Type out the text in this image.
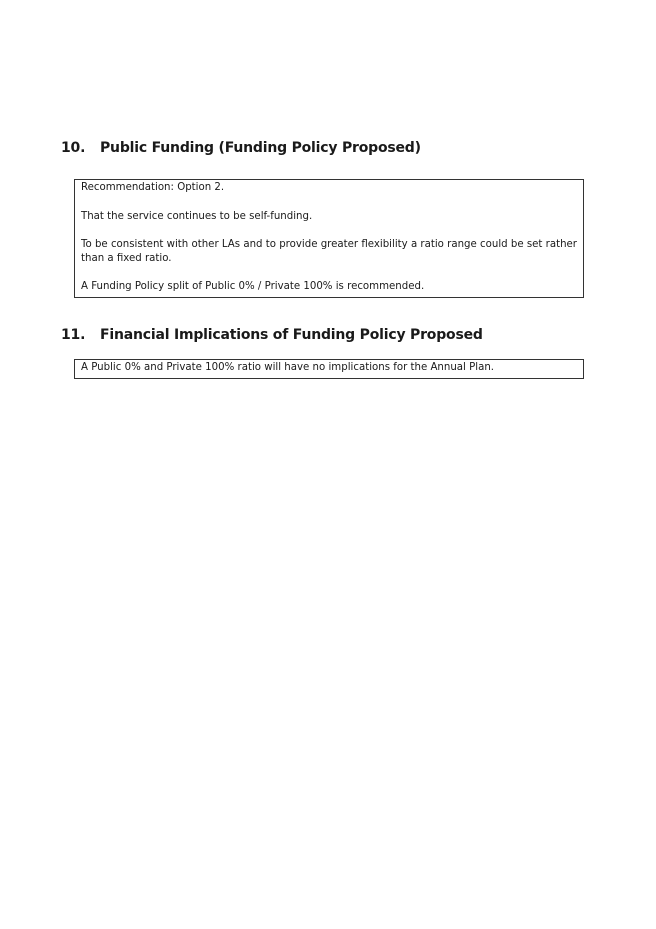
10. Public Funding (Funding Policy Proposed)

Recommendation: Option 2.

That the service continues to be self-funding.

To be consistent with other LAs and to provide greater flexibility a ratio range could be set rather than a fixed ratio.

A Funding Policy split of Public 0% / Private 100% is recommended.

11. Financial Implications of Funding Policy Proposed

A Public 0% and Private 100% ratio will have no implications for the Annual Plan.
